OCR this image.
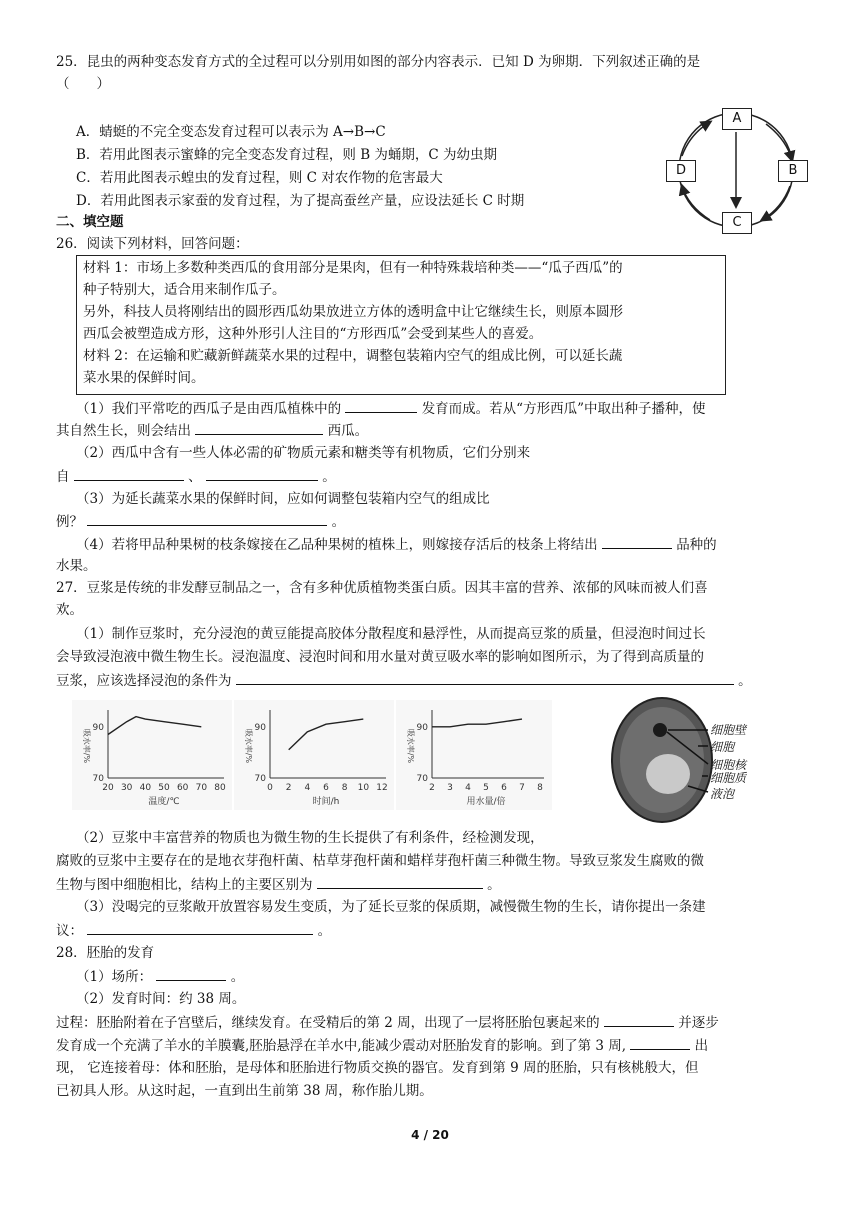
25．昆虫的两种变态发育方式的全过程可以分别用如图的部分内容表示．已知 D 为卵期．下列叙述正确的是
（　　）
A．蜻蜓的不完全变态发育过程可以表示为 A→B→C
B．若用此图表示蜜蜂的完全变态发育过程，则 B 为蛹期，C 为幼虫期
C．若用此图表示蝗虫的发育过程，则 C 对农作物的危害最大
D．若用此图表示家蚕的发育过程，为了提高蚕丝产量，应设法延长 C 时期
A
B
C
D
二、填空题
26．阅读下列材料，回答问题：
材料 1：市场上多数种类西瓜的食用部分是果肉，但有一种特殊栽培种类——“瓜子西瓜”的
种子特别大，适合用来制作瓜子。
另外，科技人员将刚结出的圆形西瓜幼果放进立方体的透明盒中让它继续生长，则原本圆形
西瓜会被塑造成方形，这种外形引人注目的“方形西瓜”会受到某些人的喜爱。
材料 2：在运输和贮藏新鲜蔬菜水果的过程中，调整包装箱内空气的组成比例，可以延长蔬
菜水果的保鲜时间。
（1）我们平常吃的西瓜子是由西瓜植株中的	发育而成。若从“方形西瓜”中取出种子播种，使
其自然生长，则会结出	西瓜。
（2）西瓜中含有一些人体必需的矿物质元素和糖类等有机物质，它们分别来
自	、	。
（3）为延长蔬菜水果的保鲜时间，应如何调整包装箱内空气的组成比
例？	。
（4）若将甲品种果树的枝条嫁接在乙品种果树的植株上，则嫁接存活后的枝条上将结出	品种的
水果。
27．豆浆是传统的非发酵豆制品之一，含有多种优质植物类蛋白质。因其丰富的营养、浓郁的风味而被人们喜
欢。
（1）制作豆浆时，充分浸泡的黄豆能提高胶体分散程度和悬浮性，从而提高豆浆的质量，但浸泡时间过长
会导致浸泡液中微生物生长。浸泡温度、浸泡时间和用水量对黄豆吸水率的影响如图所示，为了得到高质量的
豆浆，应该选择浸泡的条件为	。
70
90
吸水率/%
20 30 40 50 60 70 80
温度/℃
70
90
吸水率/%
0 2 4 6 8 10 12
时间/h
70
90
吸水率/%
2 3 4 5 6 7 8
用水量/倍
细胞壁
细胞
细胞核
细胞质
液泡
（2）豆浆中丰富营养的物质也为微生物的生长提供了有利条件，经检测发现，
腐败的豆浆中主要存在的是地衣芽孢杆菌、枯草芽孢杆菌和蜡样芽孢杆菌三种微生物。导致豆浆发生腐败的微
生物与图中细胞相比，结构上的主要区别为	。
（3）没喝完的豆浆敞开放置容易发生变质，为了延长豆浆的保质期，减慢微生物的生长，请你提出一条建
议：	。
28．胚胎的发育
（1）场所：	。
（2）发育时间：约 38 周。
过程：胚胎附着在子宫壁后，继续发育。在受精后的第 2 周，出现了一层将胚胎包裹起来的	并逐步
发育成一个充满了羊水的羊膜囊,胚胎悬浮在羊水中,能减少震动对胚胎发育的影响。到了第 3 周,	出
现， 它连接着母：体和胚胎，是母体和胚胎进行物质交换的器官。发育到第 9 周的胚胎，只有核桃般大，但
已初具人形。从这时起，一直到出生前第 38 周，称作胎儿期。
4 / 20
